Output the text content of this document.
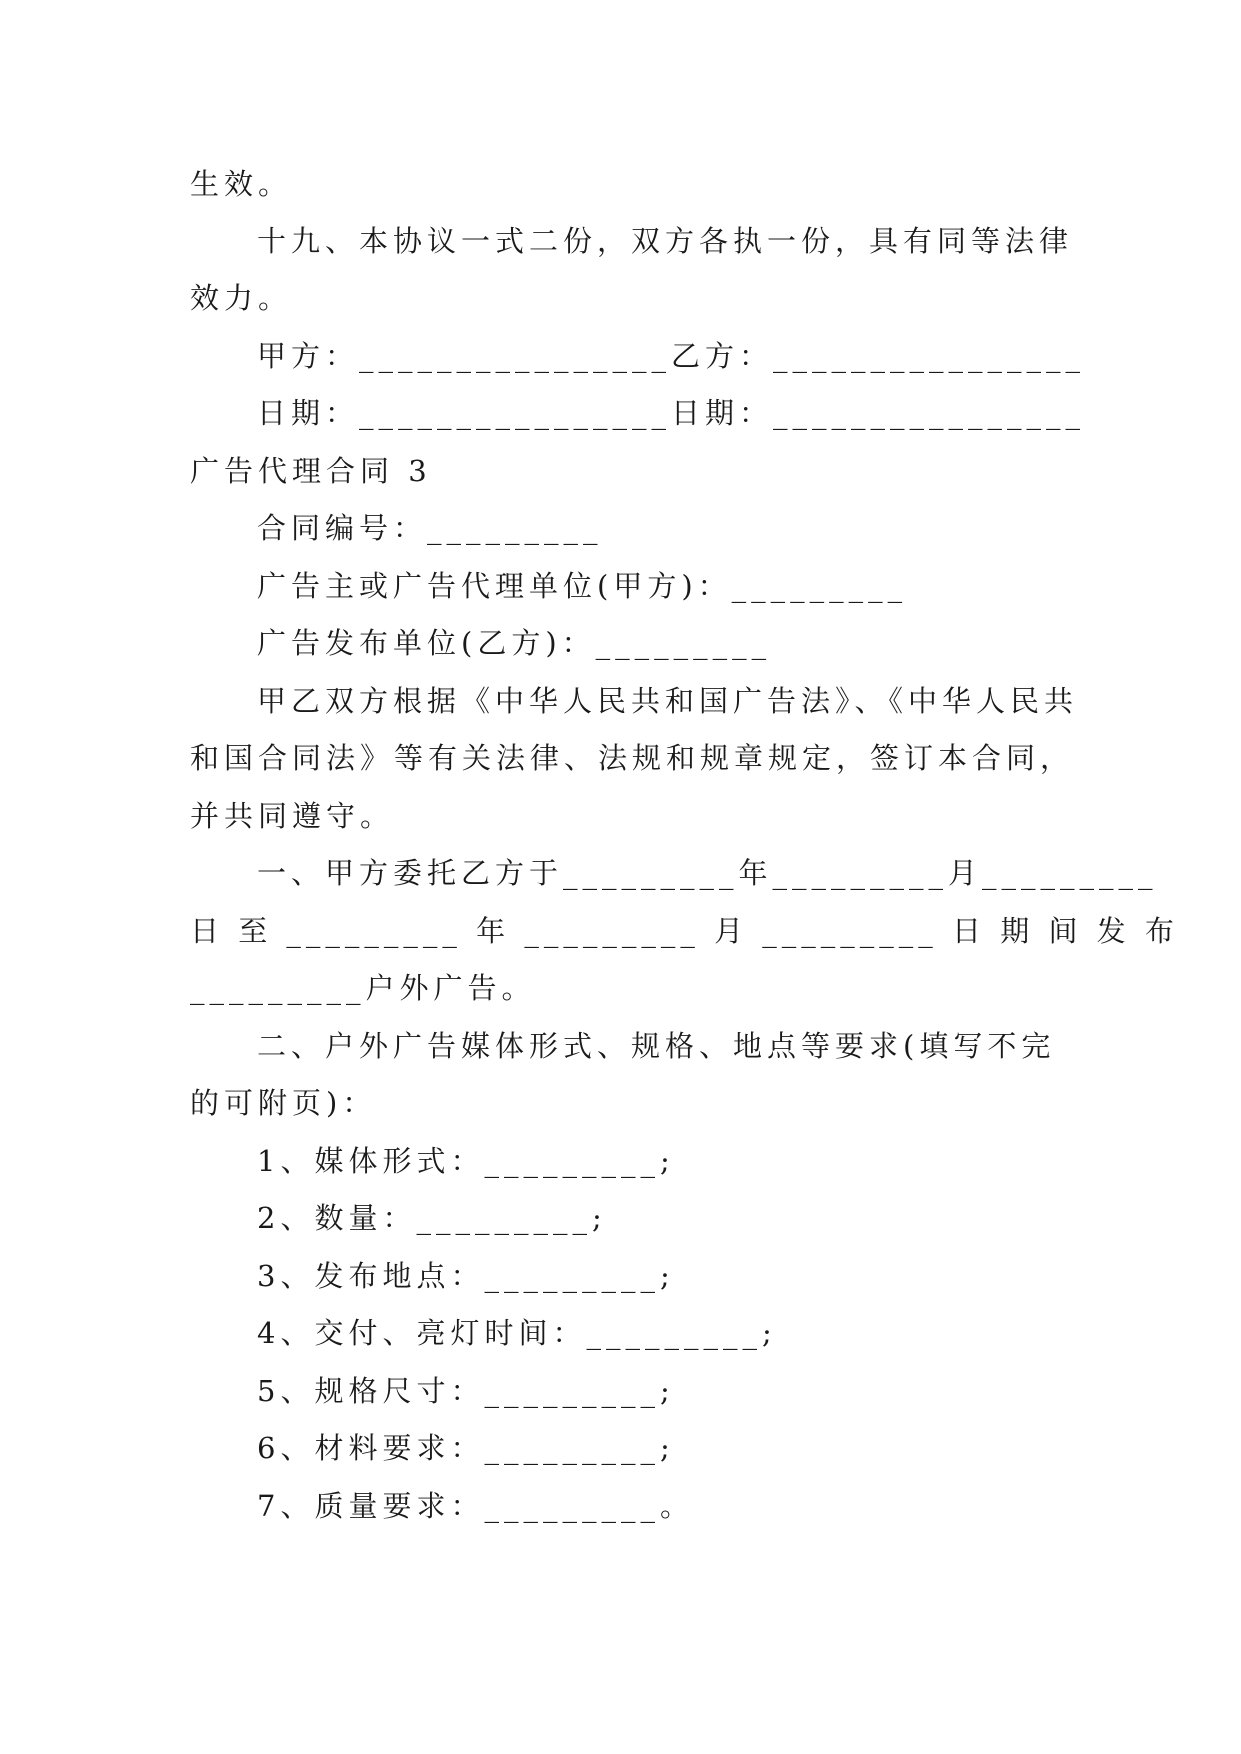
生效。
十九、本协议一式二份，双方各执一份，具有同等法律
效力。
甲方：________________乙方：________________
日期：________________日期：________________
广告代理合同 3
合同编号：_________
广告主或广告代理单位(甲方)：_________
广告发布单位(乙方)：_________
甲乙双方根据《中华人民共和国广告法》、《中华人民共
和国合同法》等有关法律、法规和规章规定，签订本合同，
并共同遵守。
一、甲方委托乙方于_________年_________月_________
日 至 _________ 年 _________ 月 _________ 日 期 间 发 布
_________户外广告。
二、户外广告媒体形式、规格、地点等要求(填写不完
的可附页)：
1、媒体形式：_________;
2、数量：_________;
3、发布地点：_________;
4、交付、亮灯时间：_________;
5、规格尺寸：_________;
6、材料要求：_________;
7、质量要求：_________。
